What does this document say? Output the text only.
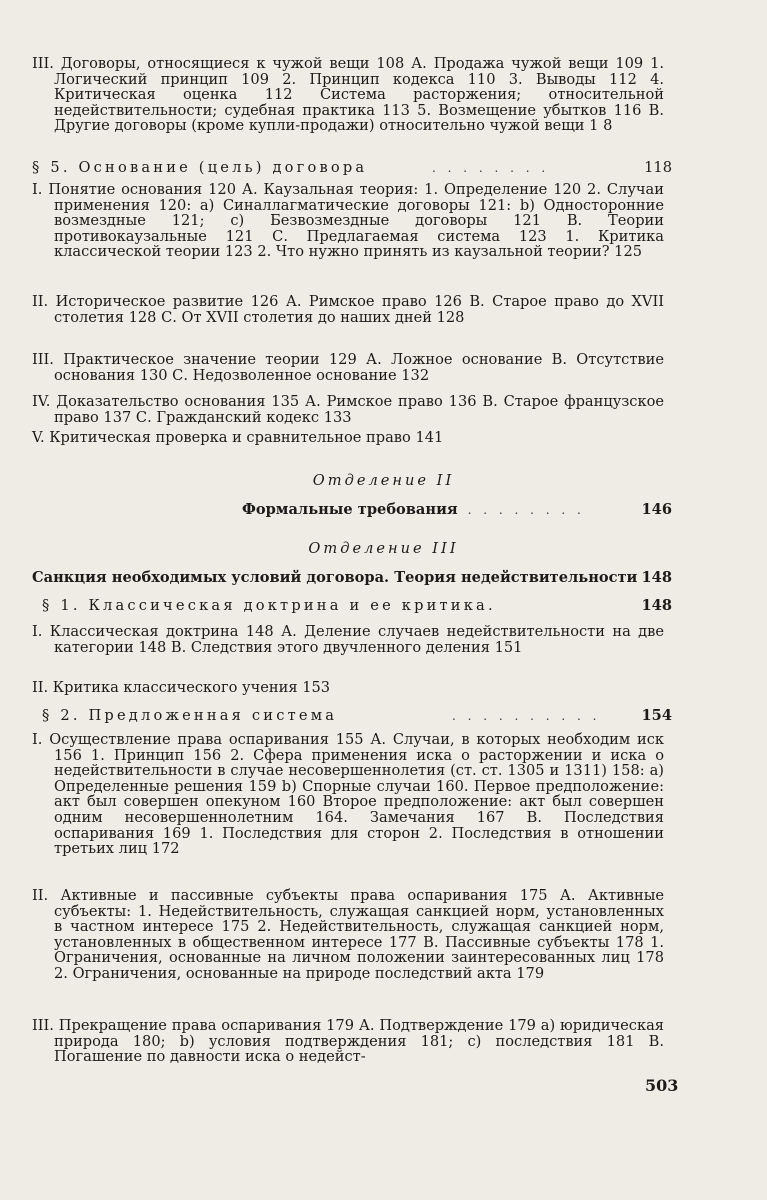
III. Договоры, относящиеся к чужой вещи 108 А. Продажа чужой вещи 109 1. Логический принцип 109 2. Принцип кодекса 110 3. Выводы 112 4. Критическая оценка 112 Система расторжения; относительной недействительности; судебная практика 113 5. Возмещение убытков 116 В. Другие договоры (кроме купли-продажи) относительно чужой вещи 1 8
§ 5. Основание (цель) договора	. . . . . . . .	118
I. Понятие основания 120 А. Каузальная теория: 1. Определение 120 2. Случаи применения 120: а) Синаллагматические договоры 121: b) Односторонние возмездные 121; с) Безвозмездные договоры 121 В. Теории противокаузальные 121 С. Предлагаемая система 123 1. Критика классической теории 123 2. Что нужно принять из каузальной теории? 125
II. Историческое развитие 126 А. Римское право 126 В. Старое право до XVII столетия 128 С. От XVII столетия до наших дней 128
III. Практическое значение теории 129 А. Ложное основание В. Отсутствие основания 130 С. Недозволенное основание 132
IV. Доказательство основания 135 А. Римское право 136 В. Старое французское право 137 С. Гражданский кодекс 133
V. Критическая проверка и сравнительное право 141
Отделение II
Формальные требования
. . . . . . . . .	146
Отделение III
Санкция необходимых условий договора. Теория недействительности 148
§ 1. Классическая доктрина и ее критика.	148
I. Классическая доктрина 148 А. Деление случаев недействительности на две категории 148 В. Следствия этого двучленного деления 151
II. Критика классического учения 153
§ 2. Предложенная система	. . . . . . . . . .	154
I. Осуществление права оспаривания 155 А. Случаи, в которых необходим иск 156 1. Принцип 156 2. Сфера применения иска о расторжении и иска о недействительности в случае несовершеннолетия (ст. ст. 1305 и 1311) 158: а) Определенные решения 159 b) Спорные случаи 160. Первое предположение: акт был совершен опекуном 160 Второе предположение: акт был совершен одним несовершеннолетним 164. Замечания 167 В. Последствия оспаривания 169 1. Последствия для сторон 2. Последствия в отношении третьих лиц 172
II. Активные и пассивные субъекты права оспаривания 175 А. Активные субъекты: 1. Недействительность, служащая санкцией норм, установленных в частном интересе 175 2. Недействительность, служащая санкцией норм, установленных в общественном интересе 177 В. Пассивные субъекты 178 1. Ограничения, основанные на личном положении заинтересованных лиц 178 2. Ограничения, основанные на природе последствий акта 179
III. Прекращение права оспаривания 179 А. Подтверждение 179 а) юридическая природа 180; b) условия подтверждения 181; с) последствия 181 В. Погашение по давности иска о недейст-
503
